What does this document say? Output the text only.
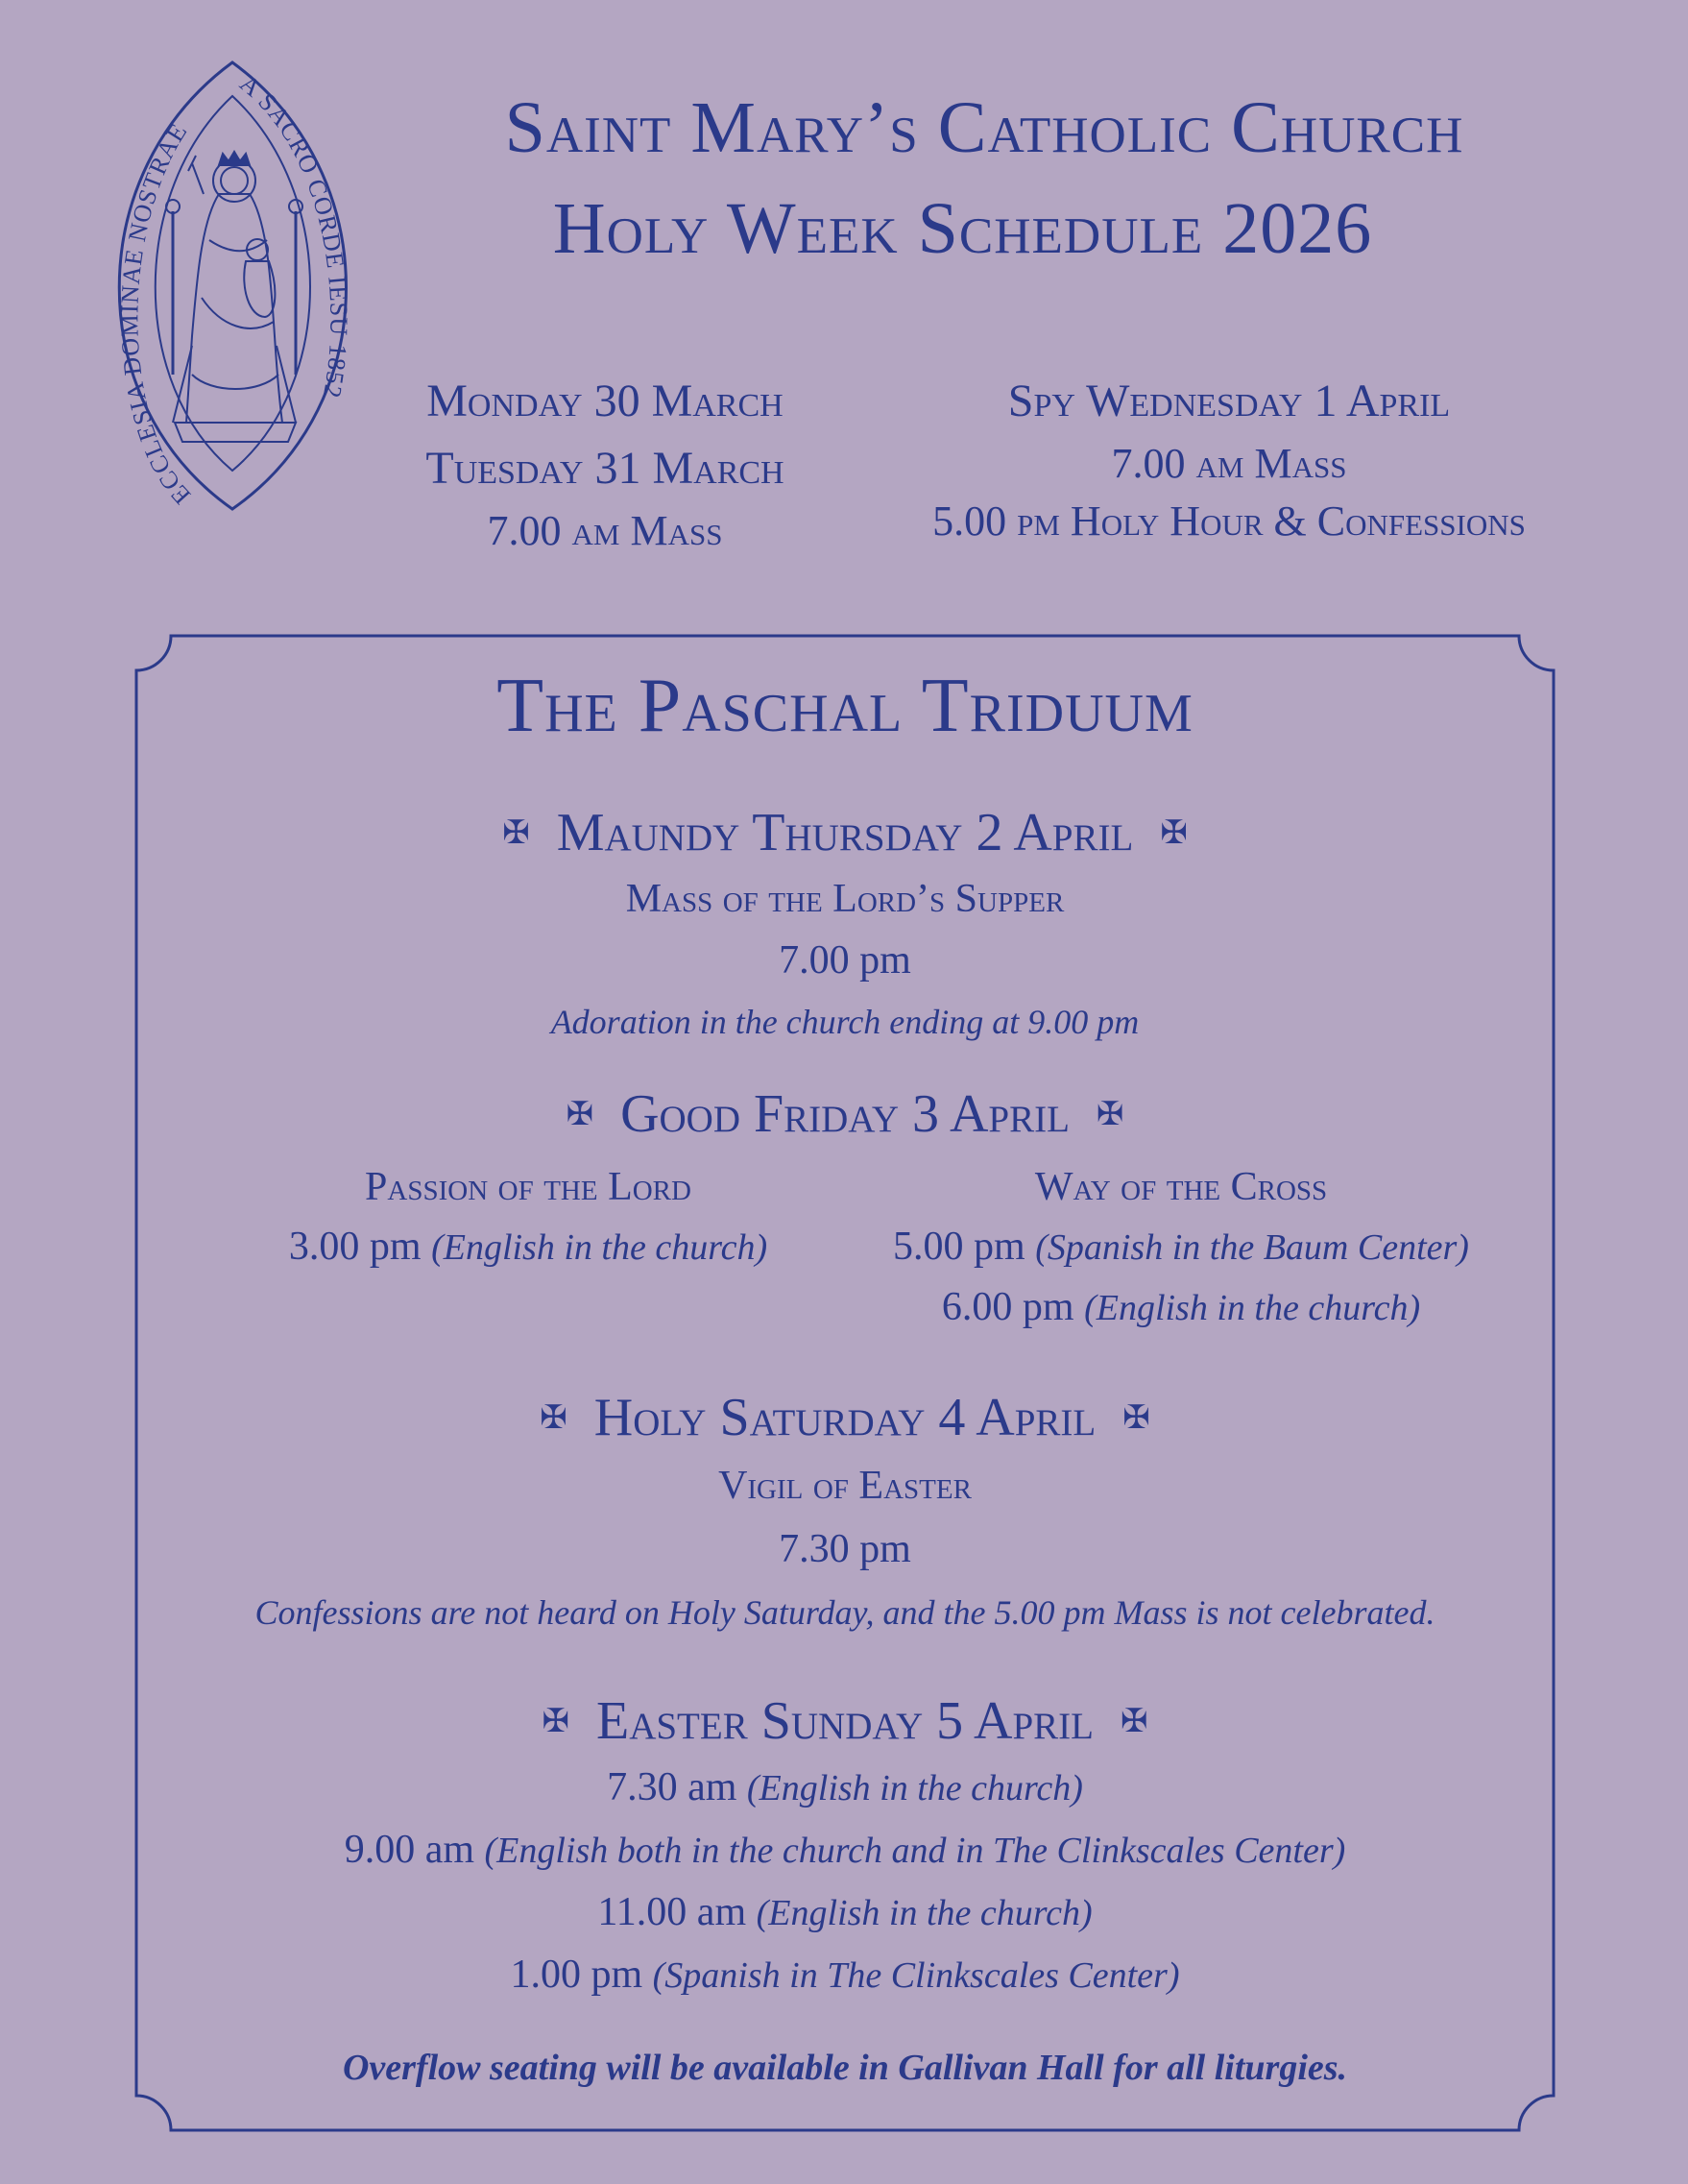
ECCLESIA DOMINAE NOSTRAE
A SACRO CORDE IESU 1852
Saint Mary’s Catholic Church
Holy Week Schedule 2026
Monday 30 March
Tuesday 31 March
7.00 am Mass
Spy Wednesday 1 April
7.00 am Mass
5.00 pm Holy Hour & Confessions
The Paschal Triduum
✠ Maundy Thursday 2 April ✠
Mass of the Lord’s Supper
7.00 pm
Adoration in the church ending at 9.00 pm
✠ Good Friday 3 April ✠
Passion of the Lord
3.00 pm (English in the church)
Way of the Cross
5.00 pm (Spanish in the Baum Center)
6.00 pm (English in the church)
✠ Holy Saturday 4 April ✠
Vigil of Easter
7.30 pm
Confessions are not heard on Holy Saturday, and the 5.00 pm Mass is not celebrated.
✠ Easter Sunday 5 April ✠
7.30 am (English in the church)
9.00 am (English both in the church and in The Clinkscales Center)
11.00 am (English in the church)
1.00 pm (Spanish in The Clinkscales Center)
Overflow seating will be available in Gallivan Hall for all liturgies.
